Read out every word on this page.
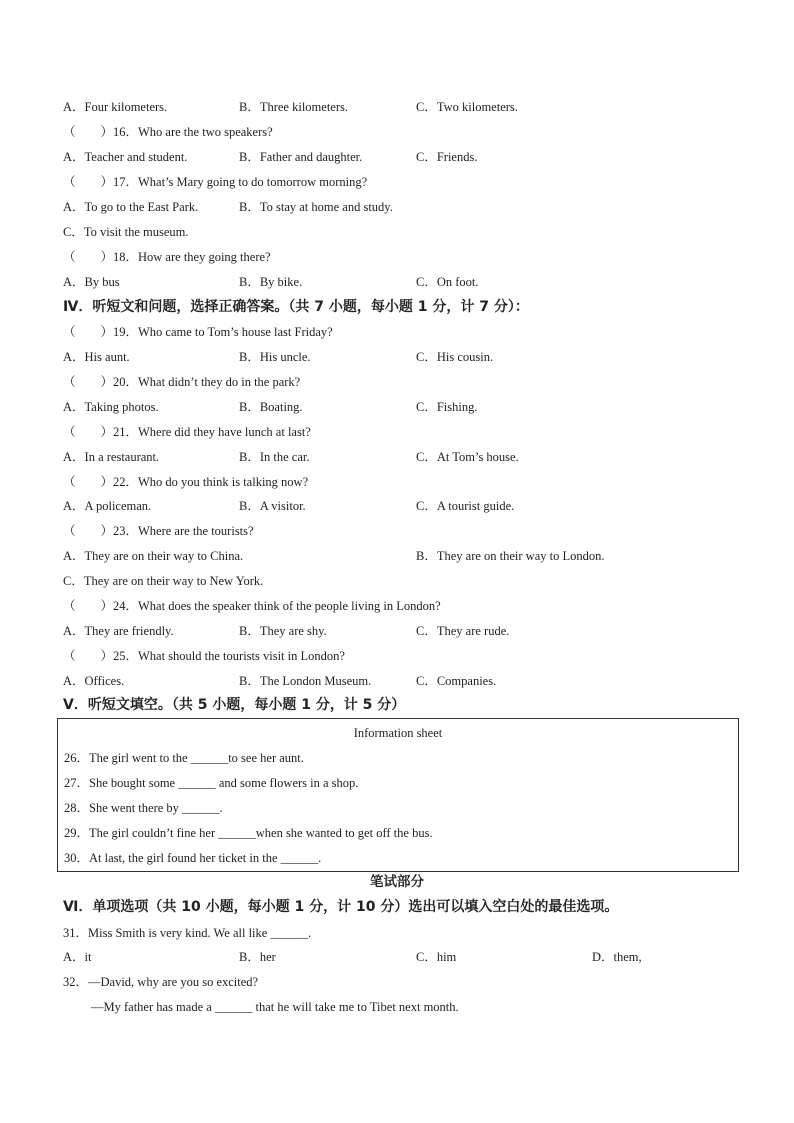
A．Four kilometers.	B．Three kilometers.	C．Two kilometers.
（　　）16．Who are the two speakers?
A．Teacher and student.	B．Father and daughter.	C．Friends.
（　　）17．What’s Mary going to do tomorrow morning?
A．To go to the East Park.	B．To stay at home and study.
C．To visit the museum.
（　　）18．How are they going there?
A．By bus	B．By bike.	C．On foot.
Ⅳ．听短文和问题，选择正确答案。（共 7 小题，每小题 1 分，计 7 分）：
（　　）19．Who came to Tom’s house last Friday?
A．His aunt.	B．His uncle.	C．His cousin.
（　　）20．What didn’t they do in the park?
A．Taking photos.	B．Boating.	C．Fishing.
（　　）21．Where did they have lunch at last?
A．In a restaurant.	B．In the car.	C．At Tom’s house.
（　　）22．Who do you think is talking now?
A．A policeman.	B．A visitor.	C．A tourist guide.
（　　）23．Where are the tourists?
A．They are on their way to China.	B．They are on their way to London.
C．They are on their way to New York.
（　　）24．What does the speaker think of the people living in London?
A．They are friendly.	B．They are shy.	C．They are rude.
（　　）25．What should the tourists visit in London?
A．Offices.	B．The London Museum.	C．Companies.
Ⅴ．听短文填空。（共 5 小题，每小题 1 分，计 5 分）
Information sheet
26．The girl went to the ______to see her aunt.
27．She bought some ______ and some flowers in a shop.
28．She went there by ______.
29．The girl couldn’t fine her ______when she wanted to get off the bus.
30．At last, the girl found her ticket in the ______.
笔试部分
Ⅵ．单项选项（共 10 小题，每小题 1 分，计 10 分）选出可以填入空白处的最佳选项。
31．Miss Smith is very kind. We all like ______.
A．it	B．her	C．him	D．them,
32．—David, why are you so excited?
—My father has made a ______ that he will take me to Tibet next month.
